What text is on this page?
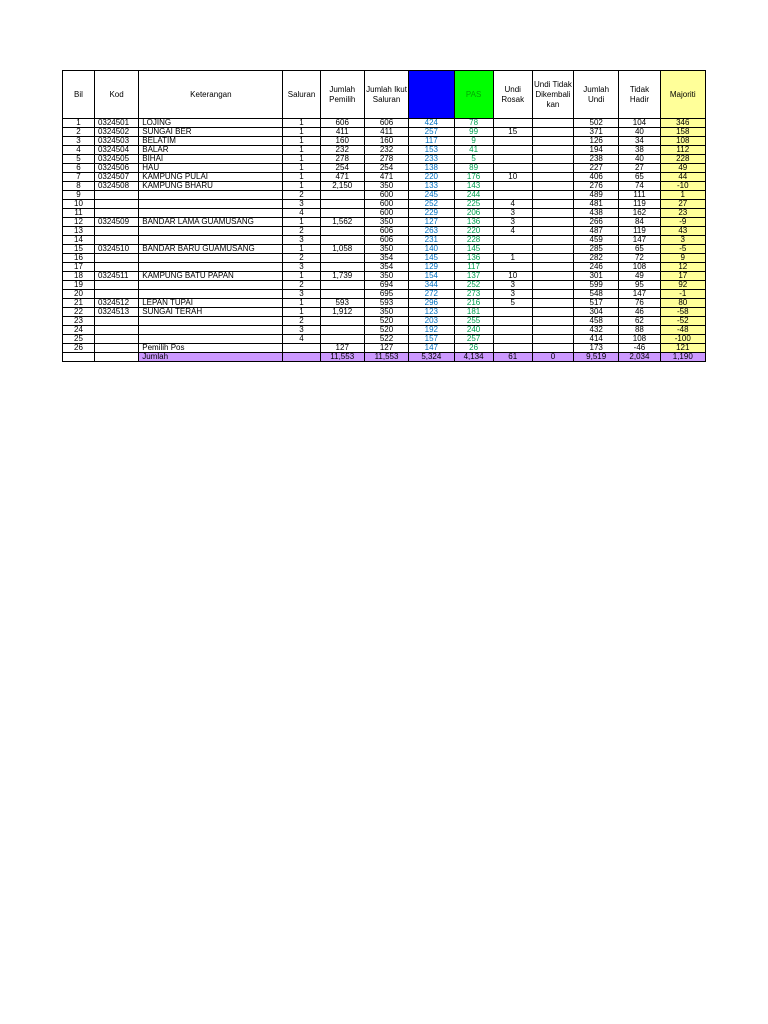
Bil	Kod	Keterangan	Saluran	Jumlah Pemilih	Jumlah Ikut Saluran	BN	PAS	Undi Rosak	Undi Tidak Dikembali kan	Jumlah Undi	Tidak Hadir	Majoriti
1	0324501	LOJING	1	606	606	424	78			502	104	346
2	0324502	SUNGAI BER	1	411	411	257	99	15		371	40	158
3	0324503	BELATIM	1	160	160	117	9			126	34	108
4	0324504	BALAR	1	232	232	153	41			194	38	112
5	0324505	BIHAI	1	278	278	233	5			238	40	228
6	0324506	HAU	1	254	254	138	89			227	27	49
7	0324507	KAMPUNG PULAI	1	471	471	220	176	10		406	65	44
8	0324508	KAMPUNG BHARU	1	2,150	350	133	143			276	74	-10
9			2		600	245	244			489	111	1
10			3		600	252	225	4		481	119	27
11			4		600	229	206	3		438	162	23
12	0324509	BANDAR LAMA GUAMUSANG	1	1,562	350	127	136	3		266	84	-9
13			2		606	263	220	4		487	119	43
14			3		606	231	228			459	147	3
15	0324510	BANDAR BARU GUAMUSANG	1	1,058	350	140	145			285	65	-5
16			2		354	145	136	1		282	72	9
17			3		354	129	117			246	108	12
18	0324511	KAMPUNG BATU PAPAN	1	1,739	350	154	137	10		301	49	17
19			2		694	344	252	3		599	95	92
20			3		695	272	273	3		548	147	-1
21	0324512	LEPAN TUPAI	1	593	593	296	216	5		517	76	80
22	0324513	SUNGAI TERAH	1	1,912	350	123	181			304	46	-58
23			2		520	203	255			458	62	-52
24			3		520	192	240			432	88	-48
25			4		522	157	257			414	108	-100
26		Pemilih Pos		127	127	147	26			173	-46	121
		Jumlah		11,553	11,553	5,324	4,134	61	0	9,519	2,034	1,190
